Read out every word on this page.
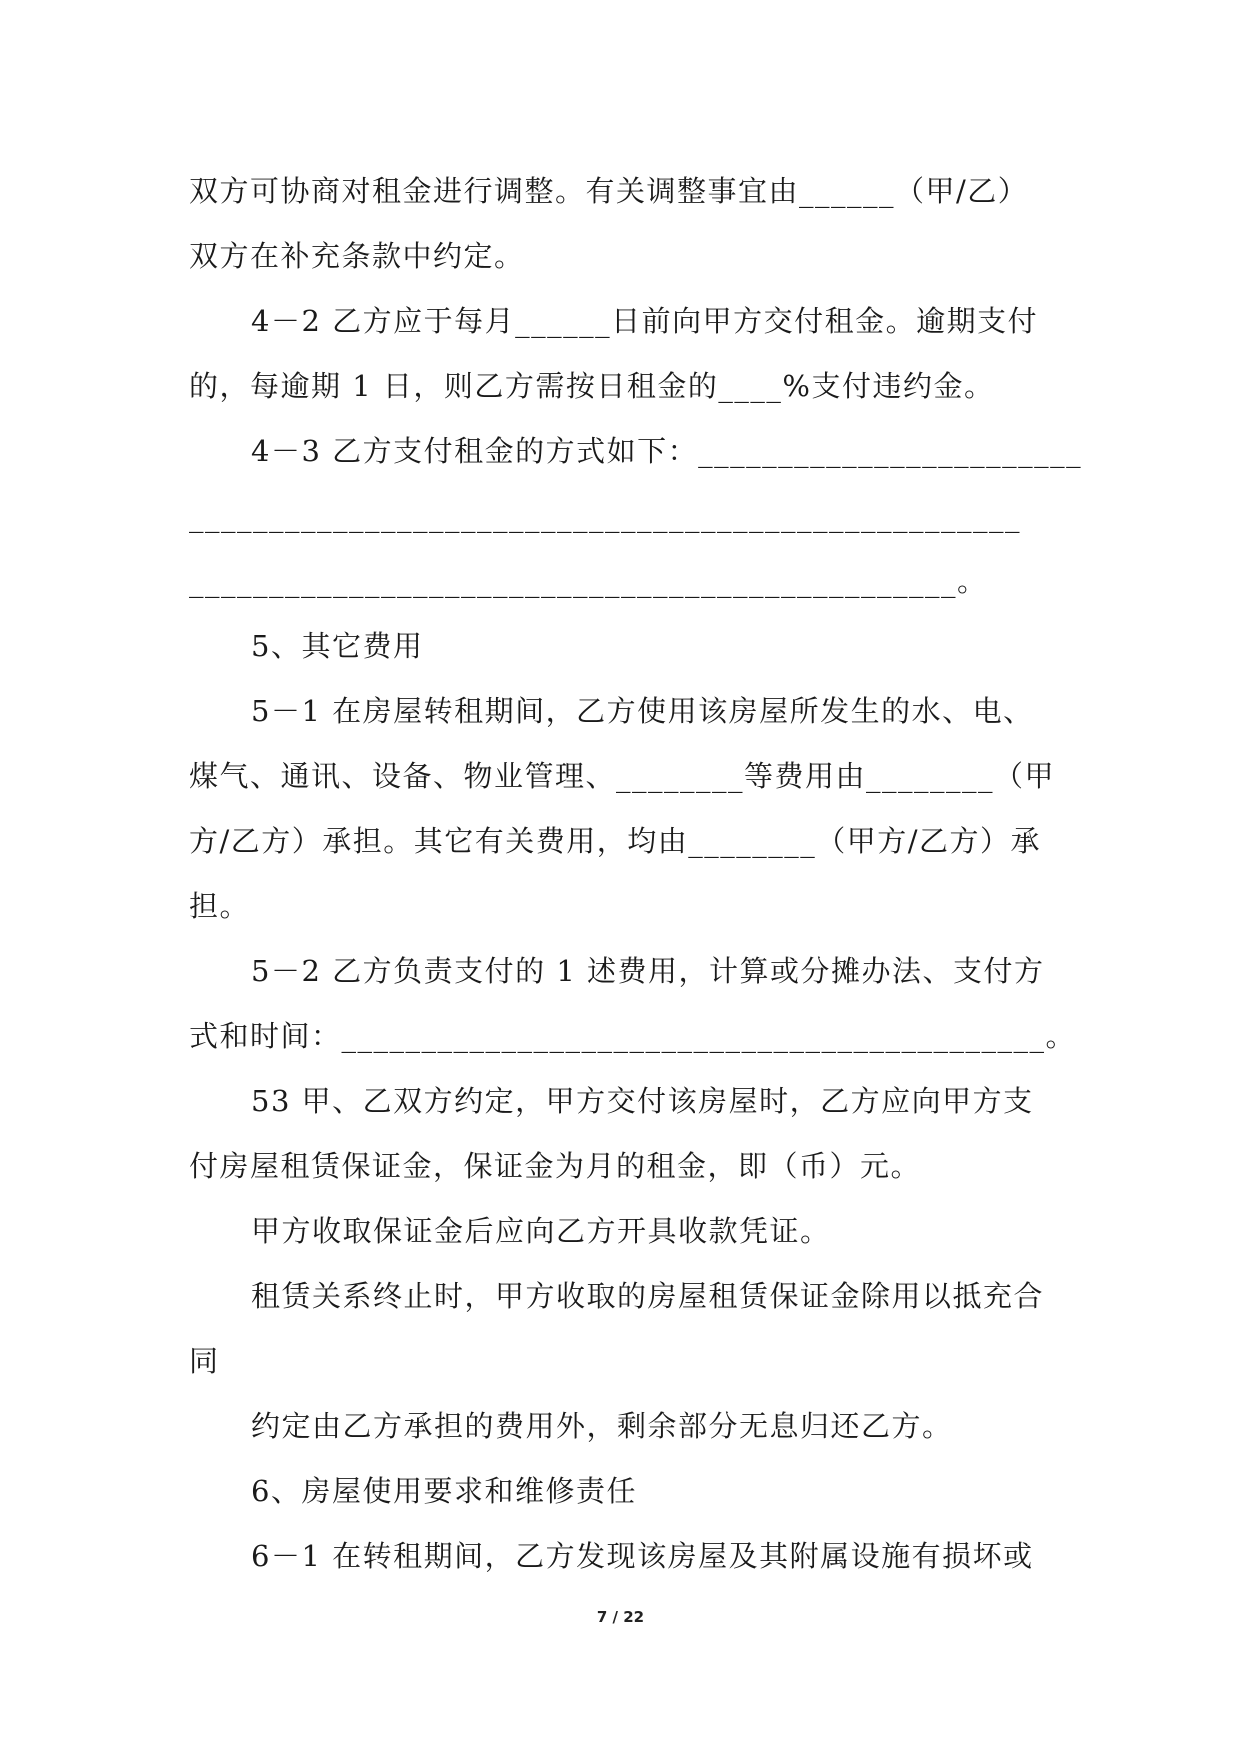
双方可协商对租金进行调整。有关调整事宜由______（甲/乙）
双方在补充条款中约定。
4－2 乙方应于每月______日前向甲方交付租金。逾期支付
的，每逾期 1 日，则乙方需按日租金的____%支付违约金。
4－3 乙方支付租金的方式如下：________________________
____________________________________________________
________________________________________________。
5、其它费用
5－1 在房屋转租期间，乙方使用该房屋所发生的水、电、
煤气、通讯、设备、物业管理、________等费用由________（甲
方/乙方）承担。其它有关费用，均由________（甲方/乙方）承
担。
5－2 乙方负责支付的 1 述费用，计算或分摊办法、支付方
式和时间：____________________________________________。
53 甲、乙双方约定，甲方交付该房屋时，乙方应向甲方支
付房屋租赁保证金，保证金为月的租金，即（币）元。
甲方收取保证金后应向乙方开具收款凭证。
租赁关系终止时，甲方收取的房屋租赁保证金除用以抵充合
同
约定由乙方承担的费用外，剩余部分无息归还乙方。
6、房屋使用要求和维修责任
6－1 在转租期间，乙方发现该房屋及其附属设施有损坏或
7 / 22
